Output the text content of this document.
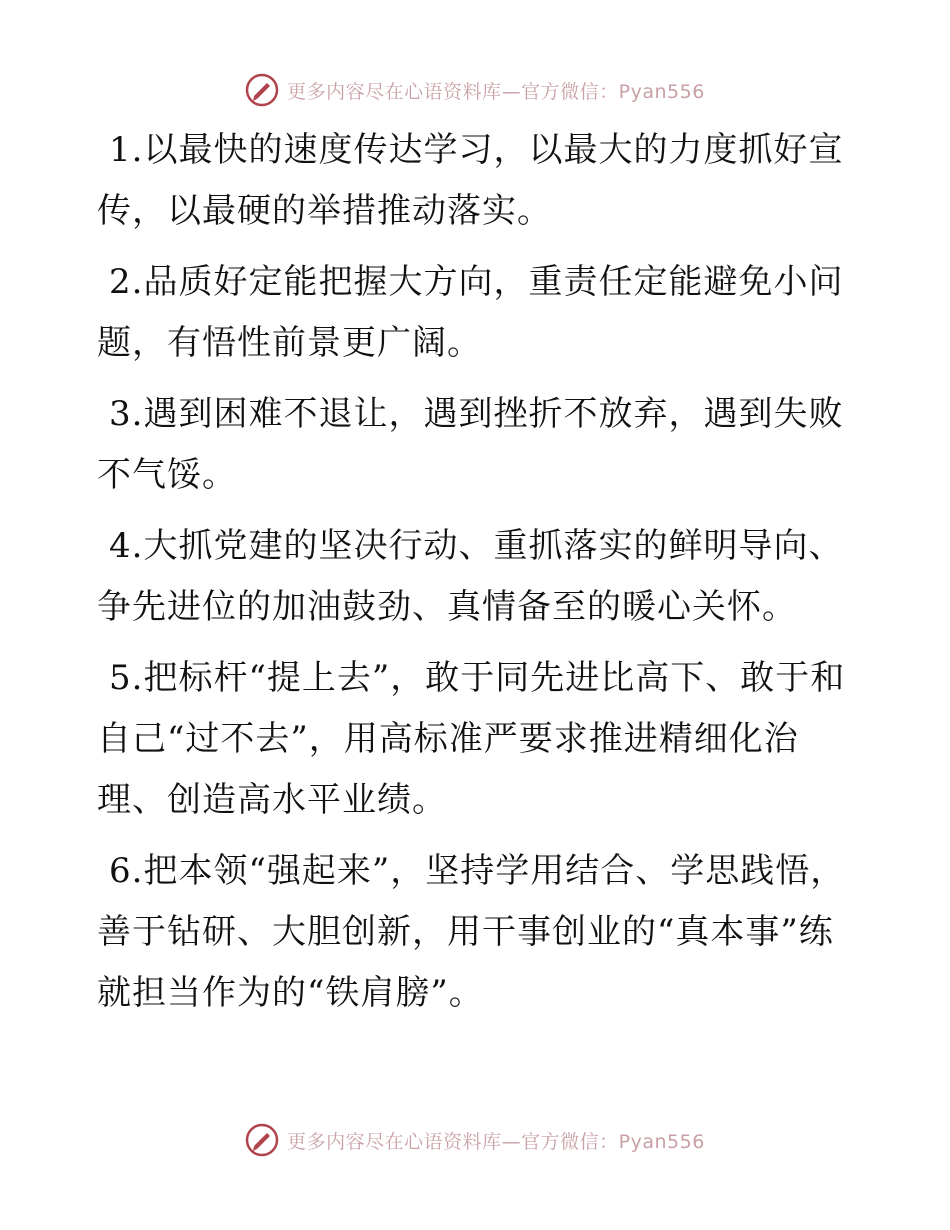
更多内容尽在心语资料库—官方微信：Pyan556

1.以最快的速度传达学习，以最大的力度抓好宣传，以最硬的举措推动落实。

2.品质好定能把握大方向，重责任定能避免小问题，有悟性前景更广阔。

3.遇到困难不退让，遇到挫折不放弃，遇到失败不气馁。

4.大抓党建的坚决行动、重抓落实的鲜明导向、争先进位的加油鼓劲、真情备至的暖心关怀。

5.把标杆“提上去”，敢于同先进比高下、敢于和自己“过不去”，用高标准严要求推进精细化治理、创造高水平业绩。

6.把本领“强起来”，坚持学用结合、学思践悟，善于钻研、大胆创新，用干事创业的“真本事”练就担当作为的“铁肩膀”。

更多内容尽在心语资料库—官方微信：Pyan556
